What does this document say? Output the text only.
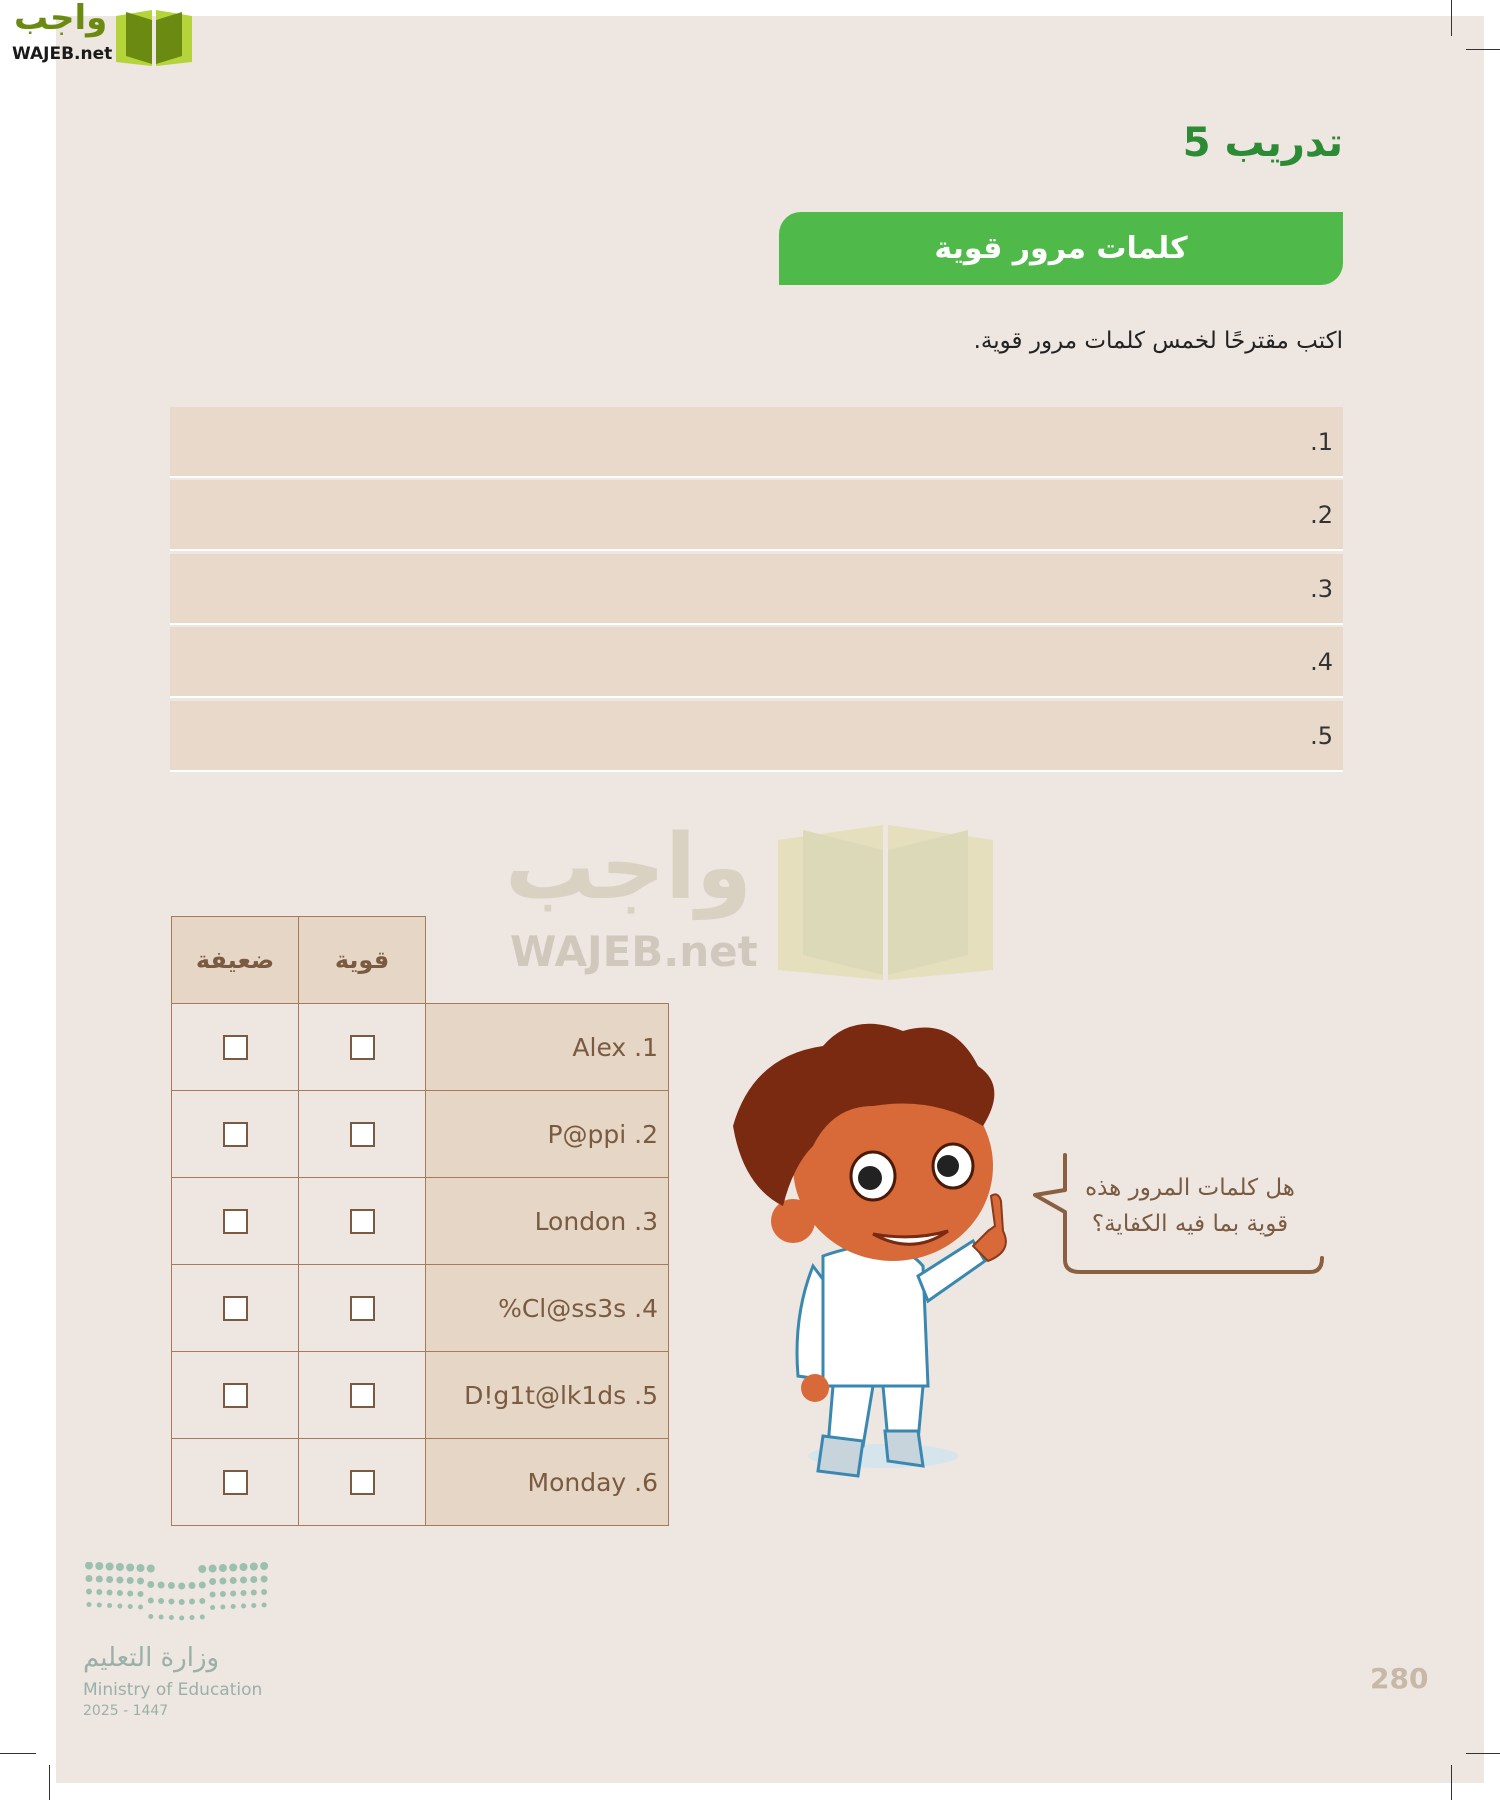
واجب
WAJEB.net
تدريب 5
كلمات مرور قوية
اكتب مقترحًا لخمس كلمات مرور قوية.
1.
2.
3.
4.
5.
واجب
WAJEB.net
ضعيفة	قوية
Alex .1
P@ppi .2
London .3
%Cl@ss3s .4
D!g1t@lk1ds .5
Monday .6
هل كلمات المرور هذه
قوية بما فيه الكفاية؟
وزارة التعليم
Ministry of Education
2025 - 1447
280
